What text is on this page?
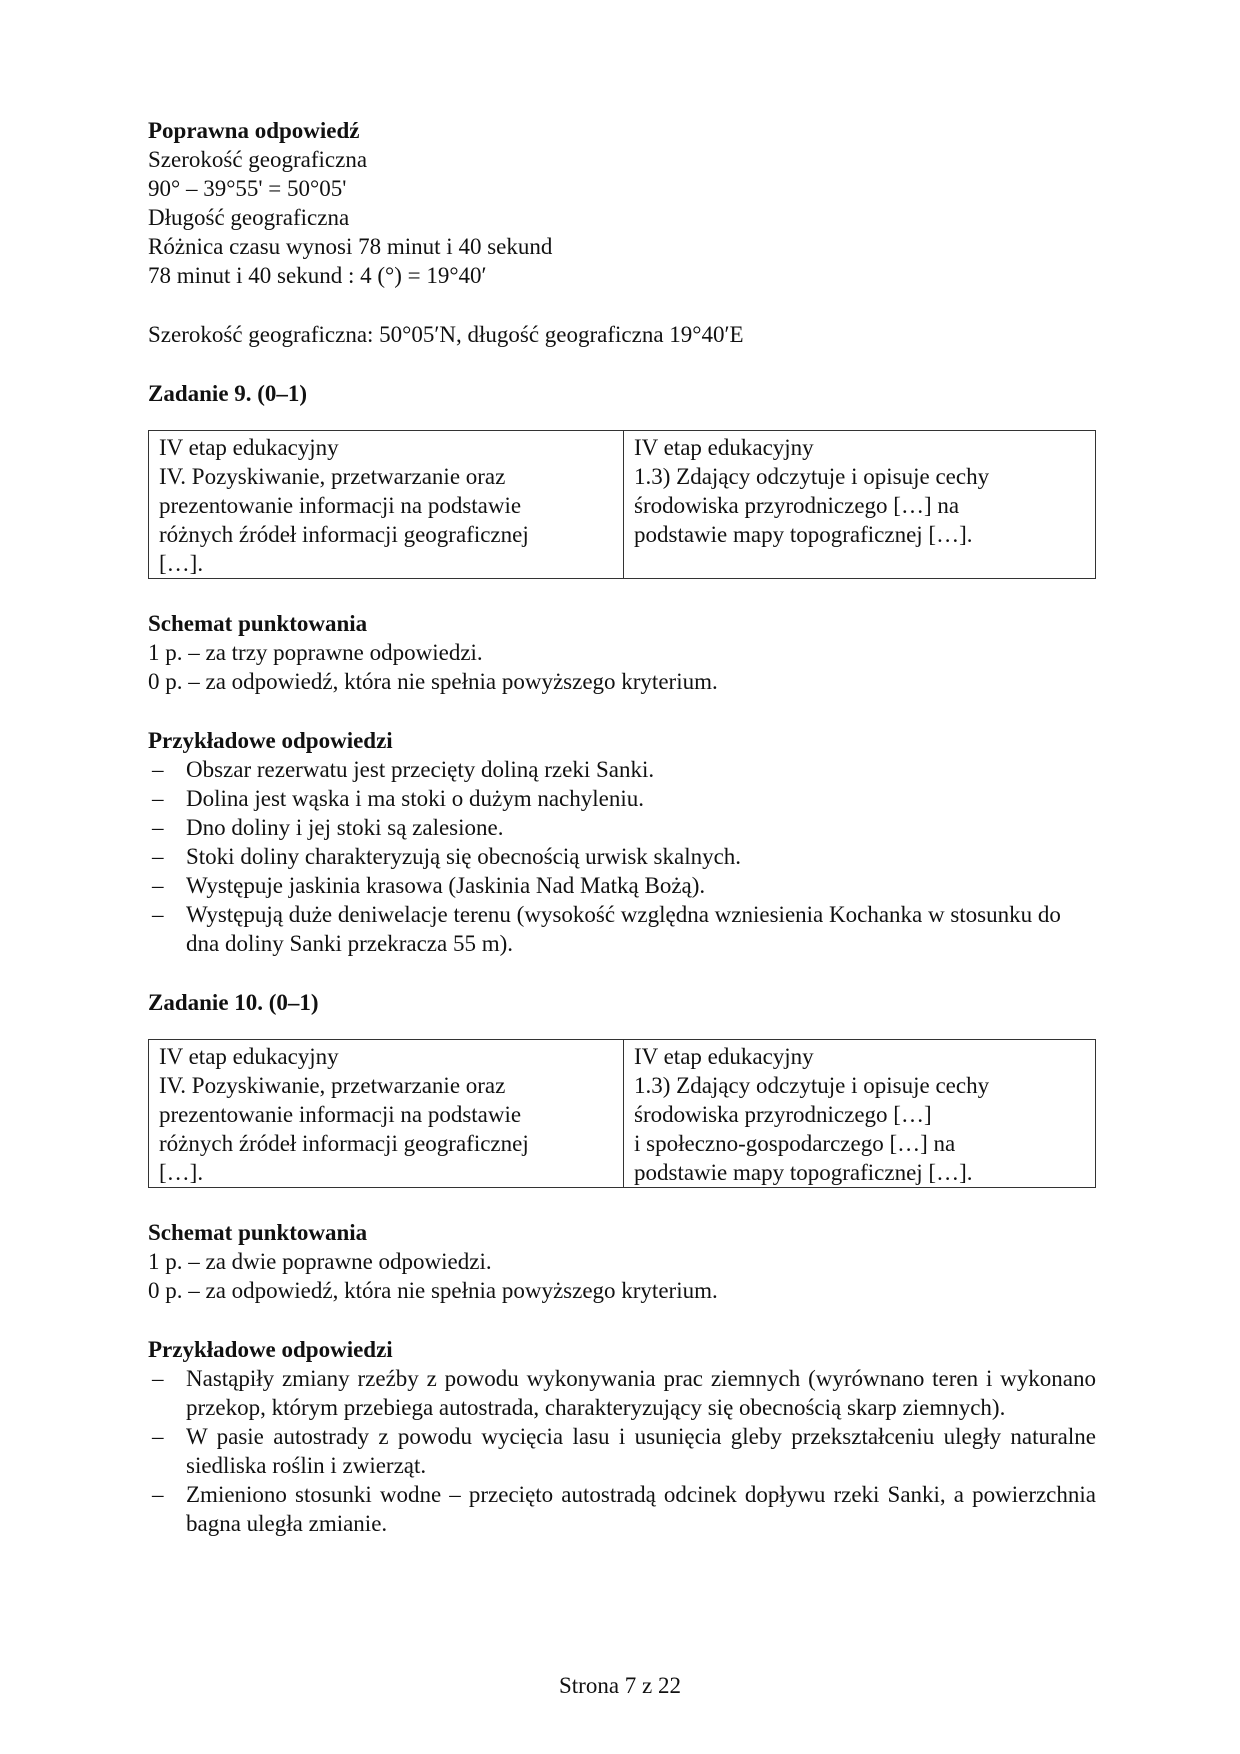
Poprawna odpowiedź
Szerokość geograficzna
90° – 39°55' = 50°05'
Długość geograficzna
Różnica czasu wynosi 78 minut i 40 sekund
78 minut i 40 sekund : 4 (°) = 19°40′
Szerokość geograficzna: 50°05′N, długość geograficzna 19°40′E
Zadanie 9. (0–1)
IV etap edukacyjny
IV. Pozyskiwanie, przetwarzanie oraz
prezentowanie informacji na podstawie
różnych źródeł informacji geograficznej
[…].

IV etap edukacyjny
1.3) Zdający odczytuje i opisuje cechy
środowiska przyrodniczego […] na
podstawie mapy topograficznej […].
Schemat punktowania
1 p. – za trzy poprawne odpowiedzi.
0 p. – za odpowiedź, która nie spełnia powyższego kryterium.
Przykładowe odpowiedzi
– Obszar rezerwatu jest przecięty doliną rzeki Sanki.
– Dolina jest wąska i ma stoki o dużym nachyleniu.
– Dno doliny i jej stoki są zalesione.
– Stoki doliny charakteryzują się obecnością urwisk skalnych.
– Występuje jaskinia krasowa (Jaskinia Nad Matką Bożą).
– Występują duże deniwelacje terenu (wysokość względna wzniesienia Kochanka w stosunku do dna doliny Sanki przekracza 55 m).
Zadanie 10. (0–1)
IV etap edukacyjny
IV. Pozyskiwanie, przetwarzanie oraz
prezentowanie informacji na podstawie
różnych źródeł informacji geograficznej
[…].

IV etap edukacyjny
1.3) Zdający odczytuje i opisuje cechy
środowiska przyrodniczego […]
i społeczno-gospodarczego […] na
podstawie mapy topograficznej […].
Schemat punktowania
1 p. – za dwie poprawne odpowiedzi.
0 p. – za odpowiedź, która nie spełnia powyższego kryterium.
Przykładowe odpowiedzi
– Nastąpiły zmiany rzeźby z powodu wykonywania prac ziemnych (wyrównano teren i wykonano przekop, którym przebiega autostrada, charakteryzujący się obecnością skarp ziemnych).
– W pasie autostrady z powodu wycięcia lasu i usunięcia gleby przekształceniu uległy naturalne siedliska roślin i zwierząt.
– Zmieniono stosunki wodne – przecięto autostradą odcinek dopływu rzeki Sanki, a powierzchnia bagna uległa zmianie.
Strona 7 z 22
